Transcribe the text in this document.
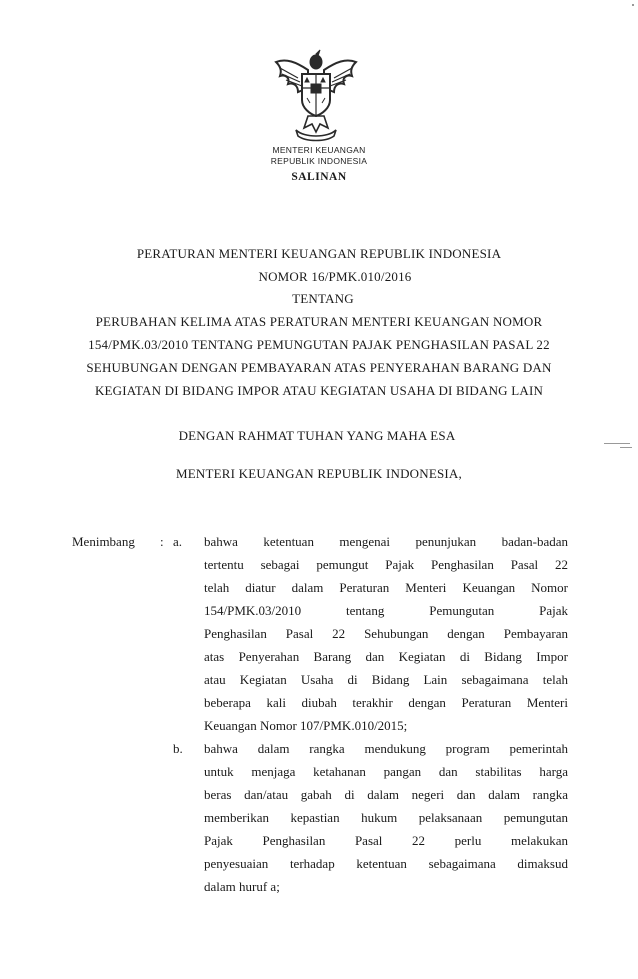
MENTERI KEUANGAN
REPUBLIK INDONESIA
SALINAN
PERATURAN MENTERI KEUANGAN REPUBLIK INDONESIA
NOMOR 16/PMK.010/2016
TENTANG
PERUBAHAN KELIMA ATAS PERATURAN MENTERI KEUANGAN NOMOR
154/PMK.03/2010 TENTANG PEMUNGUTAN PAJAK PENGHASILAN PASAL 22
SEHUBUNGAN DENGAN PEMBAYARAN ATAS PENYERAHAN BARANG DAN
KEGIATAN DI BIDANG IMPOR ATAU KEGIATAN USAHA DI BIDANG LAIN
DENGAN RAHMAT TUHAN YANG MAHA ESA
MENTERI KEUANGAN REPUBLIK INDONESIA,
Menimbang : a. bahwa ketentuan mengenai penunjukan badan-badan
tertentu sebagai pemungut Pajak Penghasilan Pasal 22
telah diatur dalam Peraturan Menteri Keuangan Nomor
154/PMK.03/2010 tentang Pemungutan Pajak
Penghasilan Pasal 22 Sehubungan dengan Pembayaran
atas Penyerahan Barang dan Kegiatan di Bidang Impor
atau Kegiatan Usaha di Bidang Lain sebagaimana telah
beberapa kali diubah terakhir dengan Peraturan Menteri
Keuangan Nomor 107/PMK.010/2015;
b. bahwa dalam rangka mendukung program pemerintah
untuk menjaga ketahanan pangan dan stabilitas harga
beras dan/atau gabah di dalam negeri dan dalam rangka
memberikan kepastian hukum pelaksanaan pemungutan
Pajak Penghasilan Pasal 22 perlu melakukan
penyesuaian terhadap ketentuan sebagaimana dimaksud
dalam huruf a;
